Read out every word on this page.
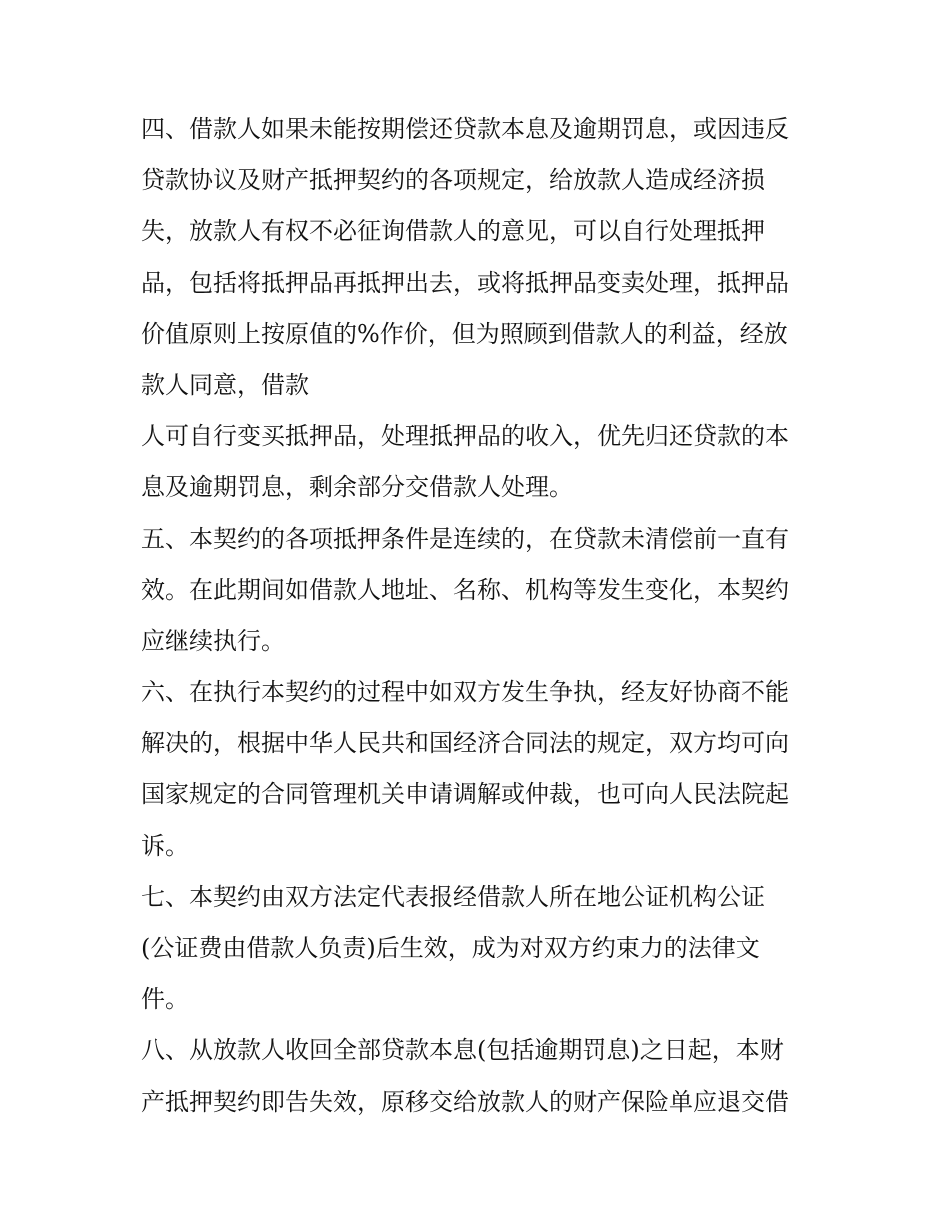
四、借款人如果未能按期偿还贷款本息及逾期罚息，或因违反
贷款协议及财产抵押契约的各项规定，给放款人造成经济损
失，放款人有权不必征询借款人的意见，可以自行处理抵押
品，包括将抵押品再抵押出去，或将抵押品变卖处理，抵押品
价值原则上按原值的%作价，但为照顾到借款人的利益，经放
款人同意，借款
人可自行变买抵押品，处理抵押品的收入，优先归还贷款的本
息及逾期罚息，剩余部分交借款人处理。
五、本契约的各项抵押条件是连续的，在贷款未清偿前一直有
效。在此期间如借款人地址、名称、机构等发生变化，本契约
应继续执行。
六、在执行本契约的过程中如双方发生争执，经友好协商不能
解决的，根据中华人民共和国经济合同法的规定，双方均可向
国家规定的合同管理机关申请调解或仲裁，也可向人民法院起
诉。
七、本契约由双方法定代表报经借款人所在地公证机构公证
(公证费由借款人负责)后生效，成为对双方约束力的法律文
件。
八、从放款人收回全部贷款本息(包括逾期罚息)之日起，本财
产抵押契约即告失效，原移交给放款人的财产保险单应退交借
